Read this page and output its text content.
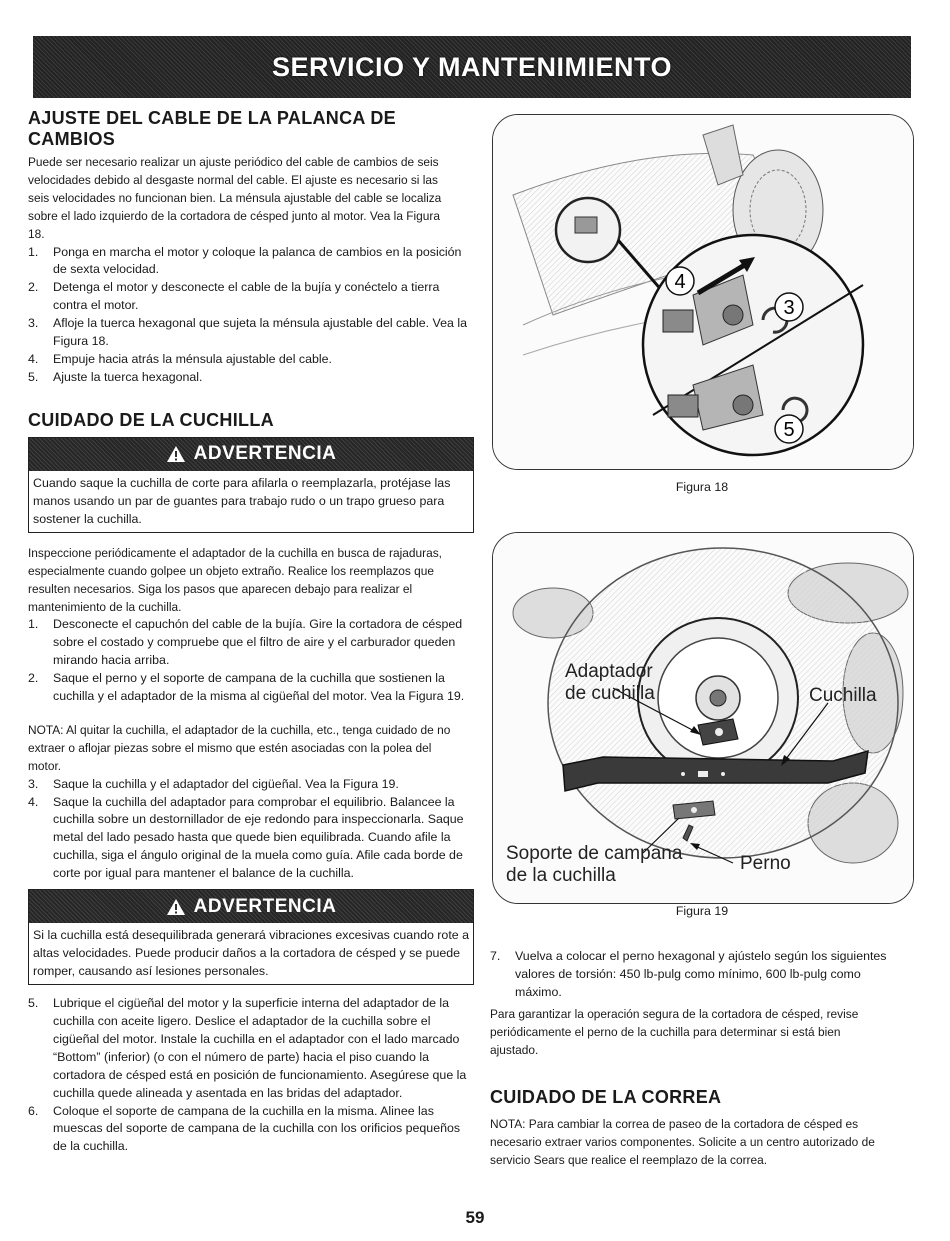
SERVICIO Y MANTENIMIENTO
AJUSTE DEL CABLE DE LA PALANCA DE
CAMBIOS

Puede ser necesario realizar un ajuste periódico del cable de cambios de seis velocidades debido al desgaste normal del cable. El ajuste es necesario si las seis velocidades no funcionan bien. La ménsula ajustable del cable se localiza sobre el lado izquierdo de la cortadora de césped junto al motor. Vea la Figura 18.

1. Ponga en marcha el motor y coloque la palanca de cambios en la posición de sexta velocidad.
2. Detenga el motor y desconecte el cable de la bujía y conéctelo a tierra contra el motor.
3. Afloje la tuerca hexagonal que sujeta la ménsula ajustable del cable. Vea la Figura 18.
4. Empuje hacia atrás la ménsula ajustable del cable.
5. Ajuste la tuerca hexagonal.
CUIDADO DE LA CUCHILLA
ADVERTENCIA
Cuando saque la cuchilla de corte para afilarla o reemplazarla, protéjase las manos usando un par de guantes para trabajo rudo o un trapo grueso para sostener la cuchilla.

Inspeccione periódicamente el adaptador de la cuchilla en busca de rajaduras, especialmente cuando golpee un objeto extraño. Realice los reemplazos que resulten necesarios. Siga los pasos que aparecen debajo para realizar el mantenimiento de la cuchilla.

1. Desconecte el capuchón del cable de la bujía. Gire la cortadora de césped sobre el costado y compruebe que el filtro de aire y el carburador queden mirando hacia arriba.
2. Saque el perno y el soporte de campana de la cuchilla que sostienen la cuchilla y el adaptador de la misma al cigüeñal del motor. Vea la Figura 19.

NOTA: Al quitar la cuchilla, el adaptador de la cuchilla, etc., tenga cuidado de no extraer o aflojar piezas sobre el mismo que estén asociadas con la polea del motor.

3. Saque la cuchilla y el adaptador del cigüeñal. Vea la Figura 19.
4. Saque la cuchilla del adaptador para comprobar el equilibrio. Balancee la cuchilla sobre un destornillador de eje redondo para inspeccionarla. Saque metal del lado pesado hasta que quede bien equilibrada. Cuando afile la cuchilla, siga el ángulo original de la muela como guía. Afile cada borde de corte por igual para mantener el balance de la cuchilla.
ADVERTENCIA
Si la cuchilla está desequilibrada generará vibraciones excesivas cuando rote a altas velocidades. Puede producir daños a la cortadora de césped y se puede romper, causando así lesiones personales.
5. Lubrique el cigüeñal del motor y la superficie interna del adaptador de la cuchilla con aceite ligero. Deslice el adaptador de la cuchilla sobre el cigüeñal del motor. Instale la cuchilla en el adaptador con el lado marcado “Bottom” (inferior) (o con el número de parte) hacia el piso cuando la cortadora de césped está en posición de funcionamiento. Asegúrese que la cuchilla quede alineada y asentada en las bridas del adaptador.
6. Coloque el soporte de campana de la cuchilla en la misma. Alinee las muescas del soporte de campana de la cuchilla con los orificios pequeños de la cuchilla.
4
3
5
Figura 18
Adaptador
de cuchilla	Cuchilla
Soporte de campana
de la cuchilla
Perno
Figura 19
7. Vuelva a colocar el perno hexagonal y ajústelo según los siguientes valores de torsión: 450 lb-pulg como mínimo, 600 lb-pulg como máximo.

Para garantizar la operación segura de la cortadora de césped, revise periódicamente el perno de la cuchilla para determinar si está bien ajustado.

CUIDADO DE LA CORREA

NOTA: Para cambiar la correa de paseo de la cortadora de césped es necesario extraer varios componentes. Solicite a un centro autorizado de servicio Sears que realice el reemplazo de la correa.

59
